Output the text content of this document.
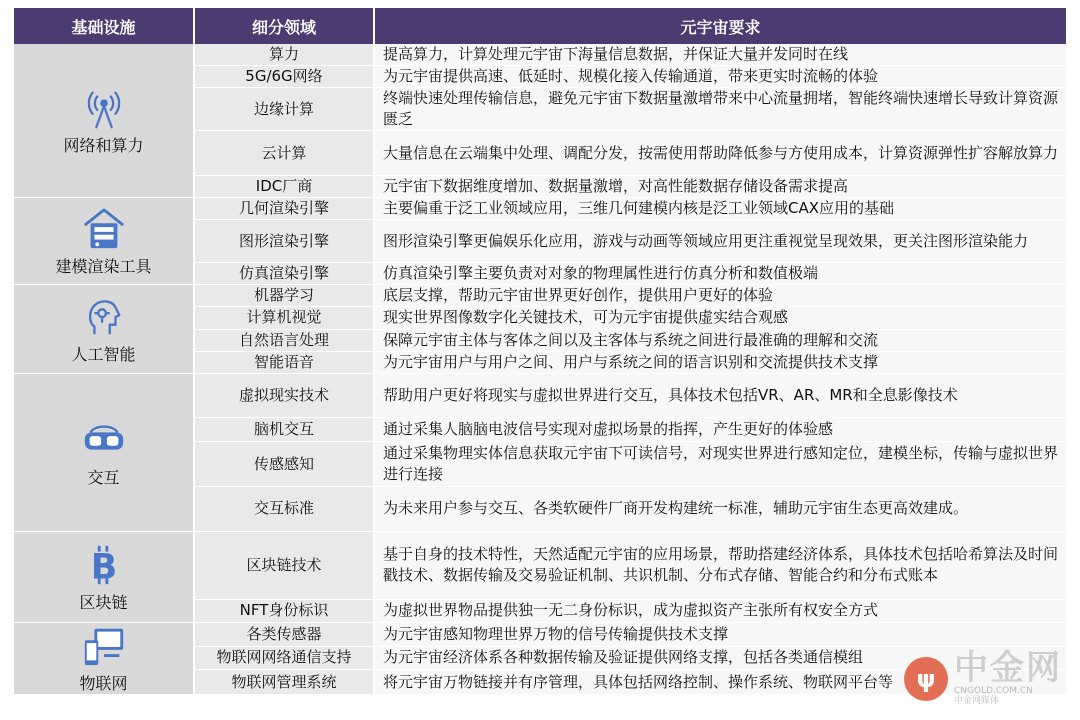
基础设施	细分领域	元宇宙要求

网络和算力	算力	提高算力，计算处理元宇宙下海量信息数据，并保证大量并发同时在线
	5G/6G网络	为元宇宙提供高速、低延时、规模化接入传输通道，带来更实时流畅的体验
	边缘计算	终端快速处理传输信息，避免元宇宙下数据量激增带来中心流量拥堵，智能终端快速增长导致计算资源匮乏
	云计算	大量信息在云端集中处理、调配分发，按需使用帮助降低参与方使用成本，计算资源弹性扩容解放算力
	IDC厂商	元宇宙下数据维度增加、数据量激增，对高性能数据存储设备需求提高

建模渲染工具	几何渲染引擎	主要偏重于泛工业领域应用，三维几何建模内核是泛工业领域CAX应用的基础
	图形渲染引擎	图形渲染引擎更偏娱乐化应用，游戏与动画等领域应用更注重视觉呈现效果，更关注图形渲染能力
	仿真渲染引擎	仿真渲染引擎主要负责对对象的物理属性进行仿真分析和数值极端

人工智能	机器学习	底层支撑，帮助元宇宙世界更好创作，提供用户更好的体验
	计算机视觉	现实世界图像数字化关键技术，可为元宇宙提供虚实结合观感
	自然语言处理	保障元宇宙主体与客体之间以及主客体与系统之间进行最准确的理解和交流
	智能语音	为元宇宙用户与用户之间、用户与系统之间的语言识别和交流提供技术支撑

交互	虚拟现实技术	帮助用户更好将现实与虚拟世界进行交互，具体技术包括VR、AR、MR和全息影像技术
	脑机交互	通过采集人脑脑电波信号实现对虚拟场景的指挥，产生更好的体验感
	传感感知	通过采集物理实体信息获取元宇宙下可读信号，对现实世界进行感知定位，建模坐标，传输与虚拟世界进行连接
	交互标准	为未来用户参与交互、各类软硬件厂商开发构建统一标准，辅助元宇宙生态更高效建成。

B
区块链	区块链技术	基于自身的技术特性，天然适配元宇宙的应用场景，帮助搭建经济体系，具体技术包括哈希算法及时间戳技术、数据传输及交易验证机制、共识机制、分布式存储、智能合约和分布式账本
	NFT身份标识	为虚拟世界物品提供独一无二身份标识，成为虚拟资产主张所有权安全方式

物联网	各类传感器	为元宇宙感知物理世界万物的信号传输提供技术支撑
	物联网网络通信支持	为元宇宙经济体系各种数据传输及验证提供网络支撑，包括各类通信模组
	物联网管理系统	将元宇宙万物链接并有序管理，具体包括网络控制、操作系统、物联网平台等 ψ 中金网
CNGOLD.COM.CN
中金网媒体
